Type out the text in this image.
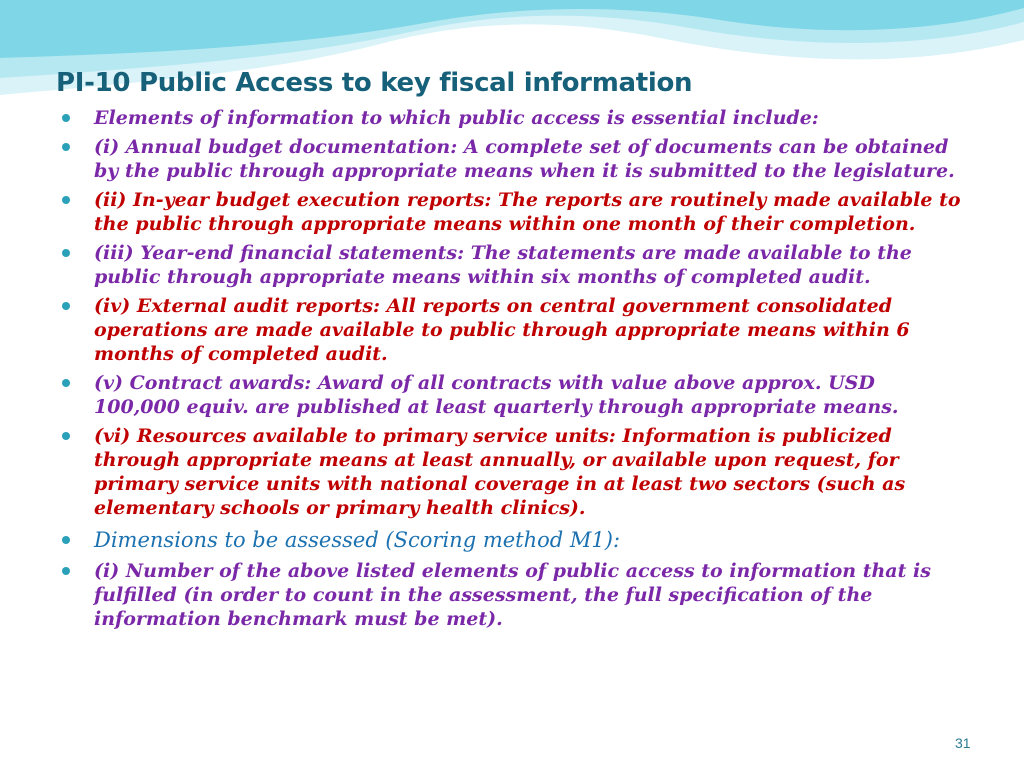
PI-10 Public Access to key fiscal information
Elements of information to which public access is essential include:
(i) Annual budget documentation: A complete set of documents can be obtained by the public through appropriate means when it is submitted to the legislature.
(ii) In-year budget execution reports: The reports are routinely made available to the public through appropriate means within one month of their completion.
(iii) Year-end financial statements: The statements are made available to the public through appropriate means within six months of completed audit.
(iv) External audit reports: All reports on central government consolidated operations are made available to public through appropriate means within 6 months of completed audit.
(v) Contract awards: Award of all contracts with value above approx. USD 100,000 equiv. are published at least quarterly through appropriate means.
(vi) Resources available to primary service units: Information is publicized through appropriate means at least annually, or available upon request, for primary service units with national coverage in at least two sectors (such as elementary schools or primary health clinics).
Dimensions to be assessed (Scoring method M1):
(i) Number of the above listed elements of public access to information that is fulfilled (in order to count in the assessment, the full specification of the information benchmark must be met).
31
